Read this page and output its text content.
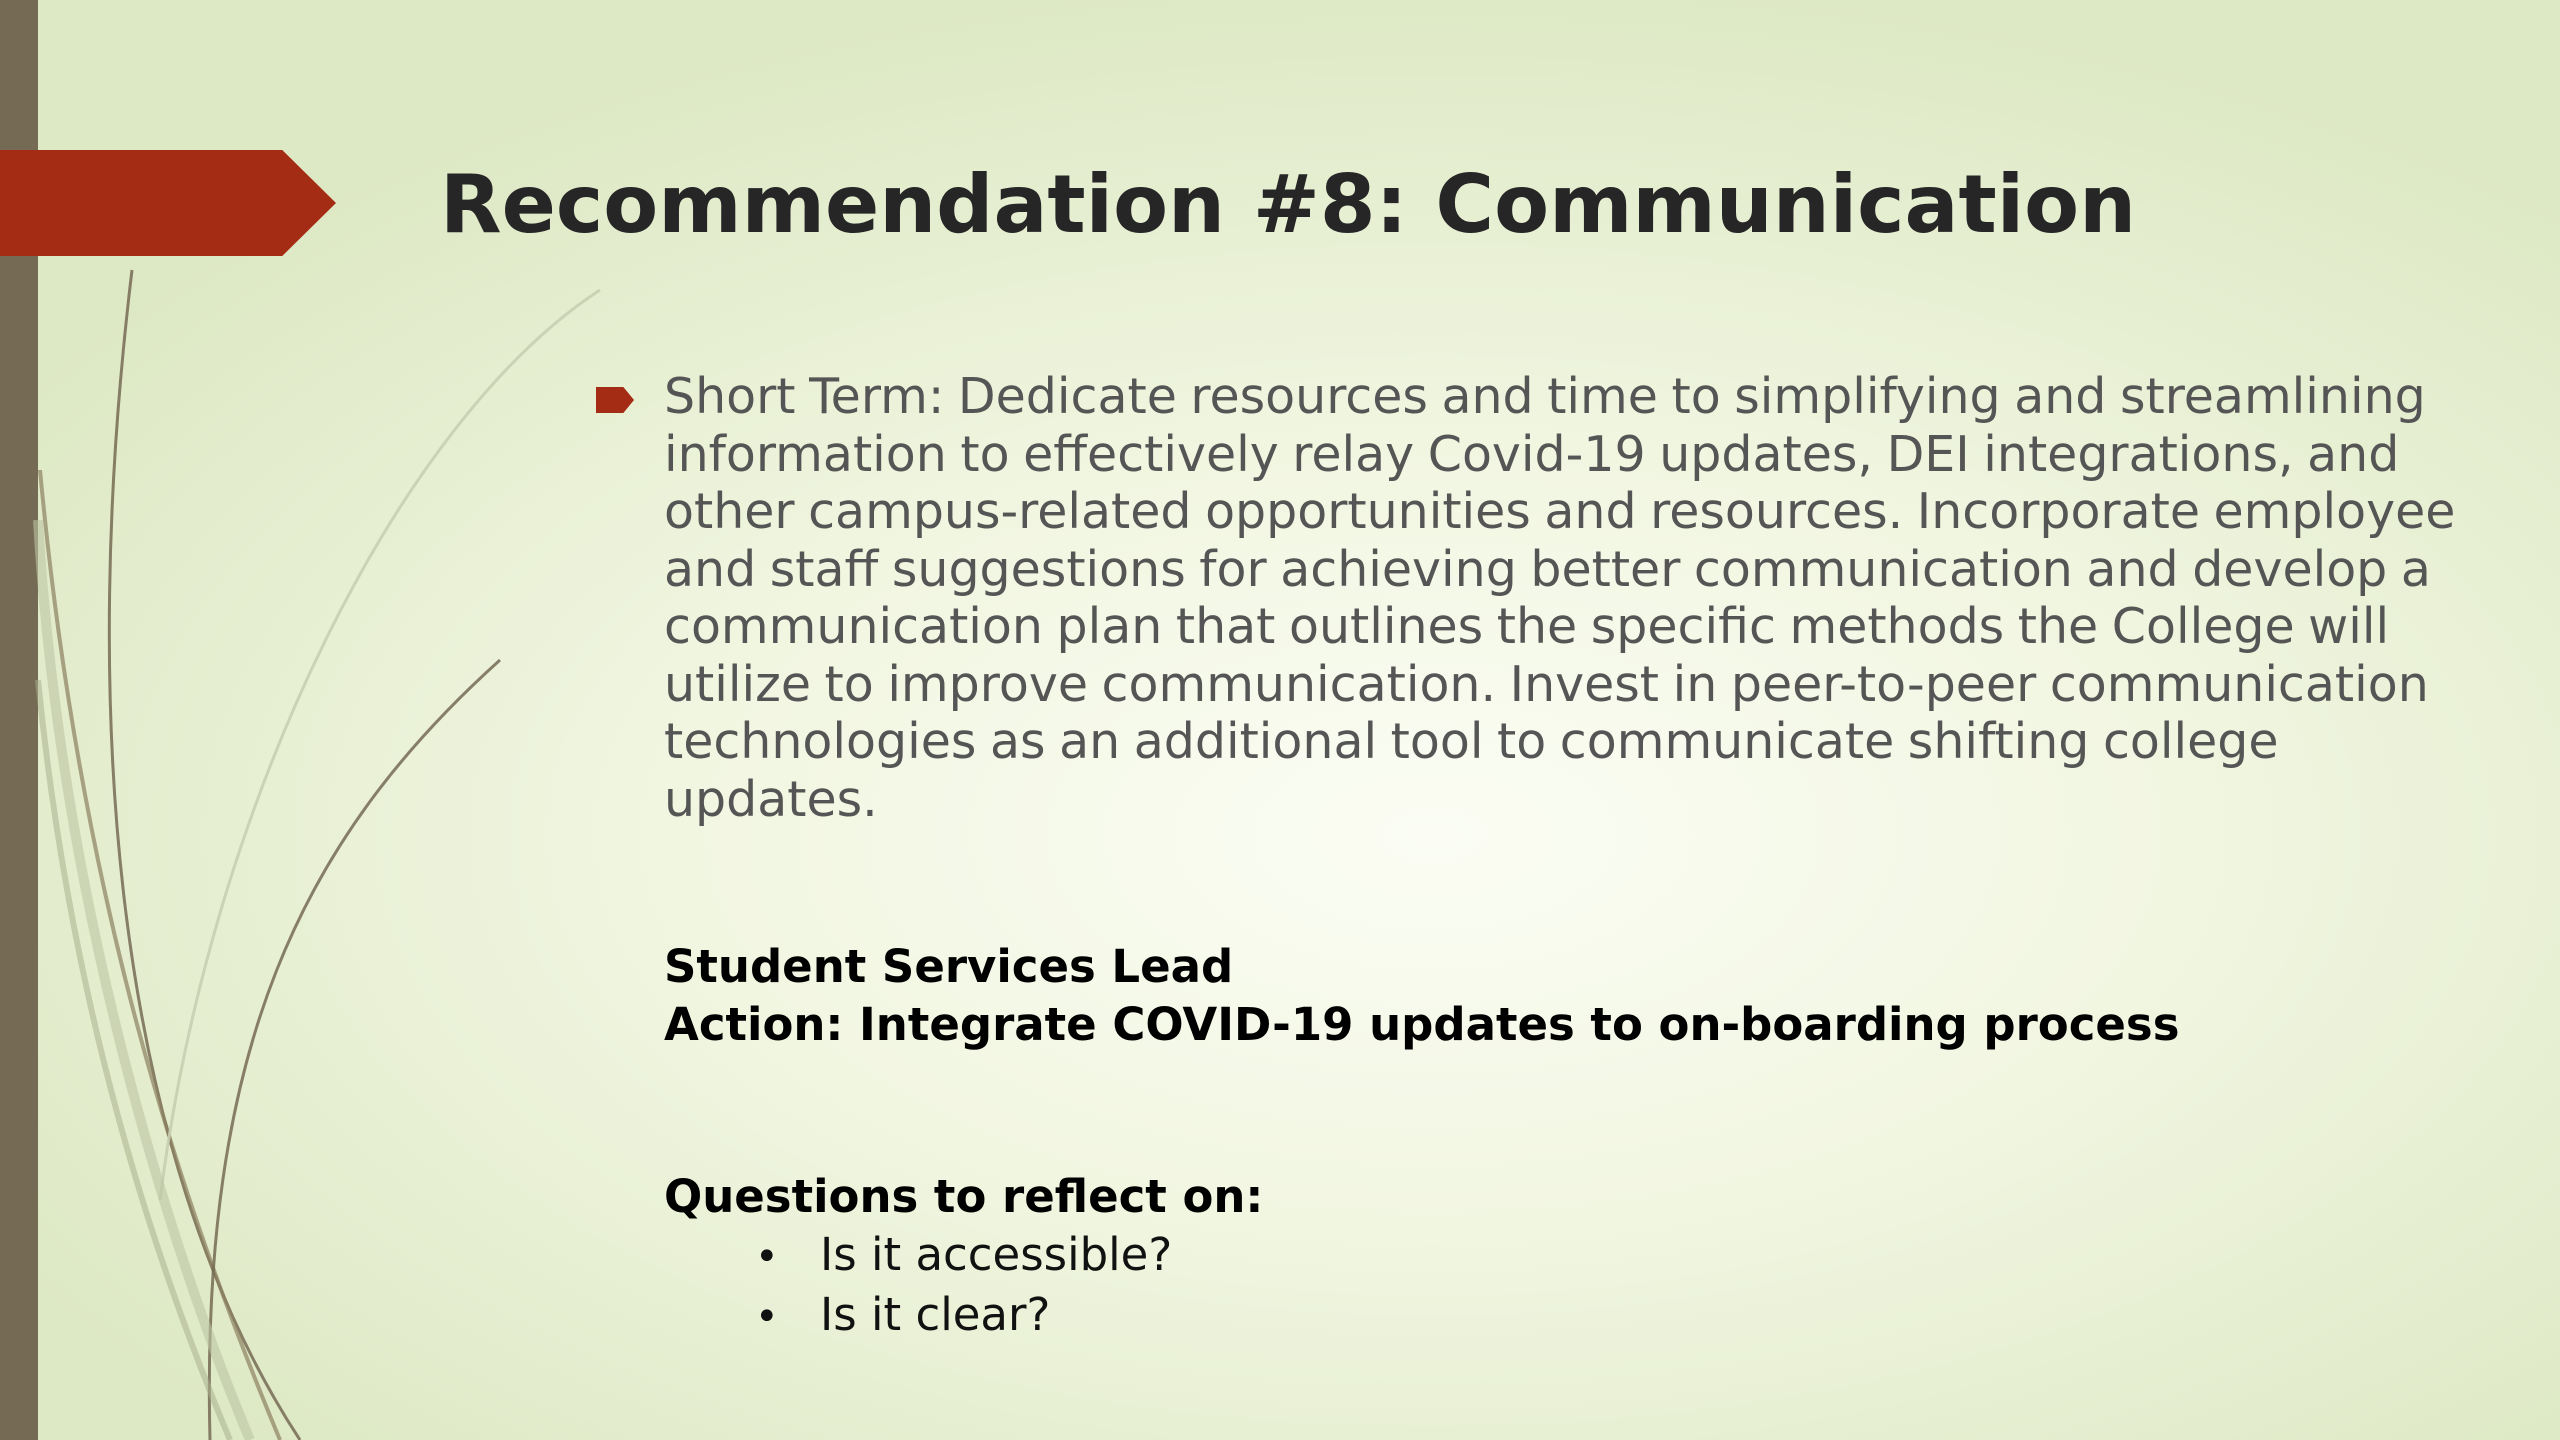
Recommendation #8: Communication

Short Term: Dedicate resources and time to simplifying and streamlining information to effectively relay Covid-19 updates, DEI integrations, and other campus-related opportunities and resources. Incorporate employee and staff suggestions for achieving better communication and develop a communication plan that outlines the specific methods the College will utilize to improve communication. Invest in peer-to-peer communication technologies as an additional tool to communicate shifting college updates.

Student Services Lead
Action: Integrate COVID-19 updates to on-boarding process
Questions to reflect on:
• Is it accessible?
• Is it clear?
